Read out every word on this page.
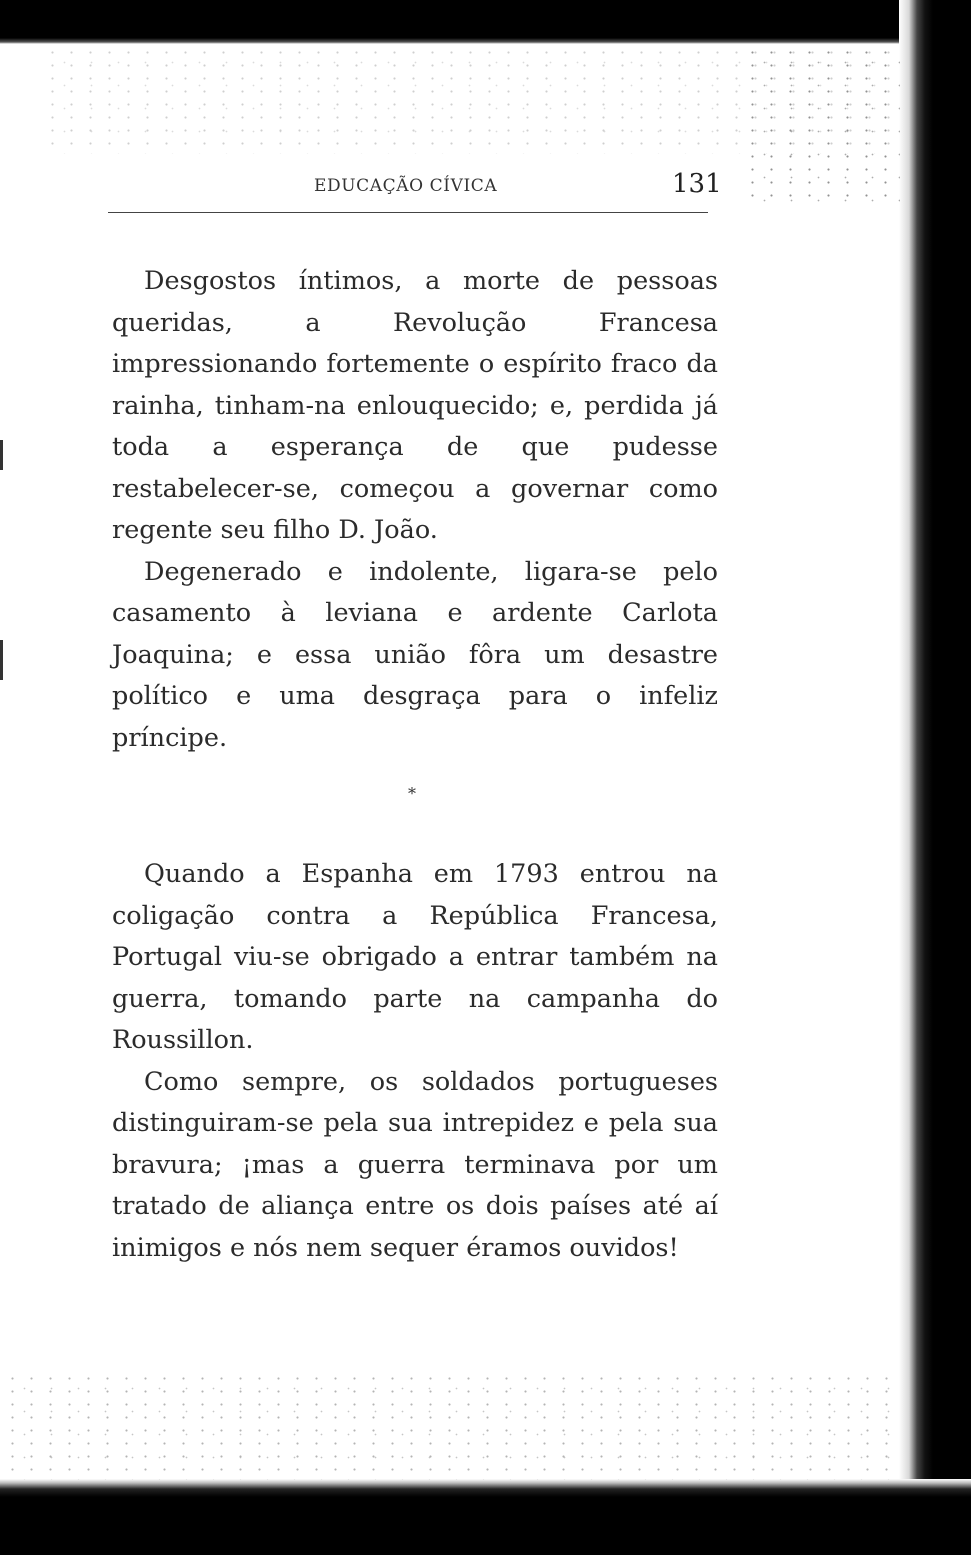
EDUCAÇÃO CÍVICA	131

Desgostos íntimos, a morte de pessoas queridas, a Revolução Francesa impressionando fortemente o espírito fraco da rainha, tinham-na enlouquecido; e, perdida já toda a esperança de que pudesse restabelecer-se, começou a governar como regente seu filho D. João.

Degenerado e indolente, ligara-se pelo casamento à leviana e ardente Carlota Joaquina; e essa união fôra um desastre político e uma desgraça para o infeliz príncipe.

*

Quando a Espanha em 1793 entrou na coligação contra a República Francesa, Portugal viu-se obrigado a entrar também na guerra, tomando parte na campanha do Roussillon.

Como sempre, os soldados portugueses distinguiram-se pela sua intrepidez e pela sua bravura; ¡mas a guerra terminava por um tratado de aliança entre os dois países até aí inimigos e nós nem sequer éramos ouvidos!
